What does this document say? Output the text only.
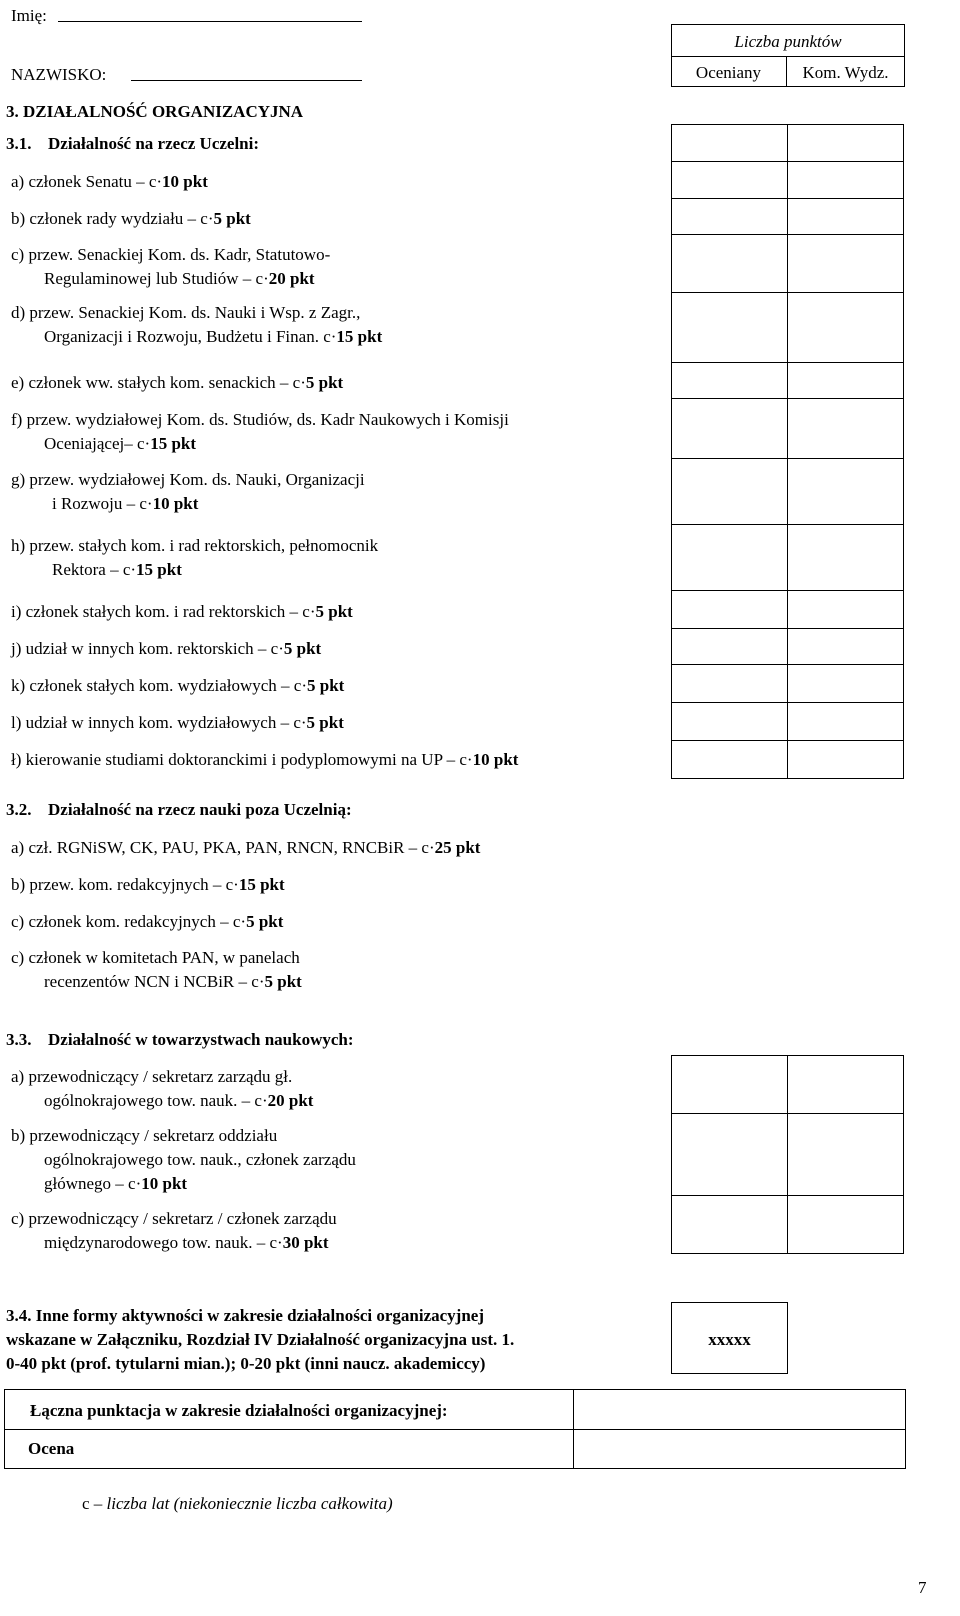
Imię:
NAZWISKO:
Liczba punktów
Oceniany	Kom. Wydz.
3. DZIAŁALNOŚĆ ORGANIZACYJNA
3.1. Działalność na rzecz Uczelni:
a) członek Senatu – c·10 pkt
b) członek rady wydziału – c·5 pkt
c) przew. Senackiej Kom. ds. Kadr, Statutowo-
Regulaminowej lub Studiów – c·20 pkt
d) przew. Senackiej Kom. ds. Nauki i Wsp. z Zagr.,
Organizacji i Rozwoju, Budżetu i Finan. c·15 pkt
e) członek ww. stałych kom. senackich – c·5 pkt
f) przew. wydziałowej Kom. ds. Studiów, ds. Kadr Naukowych i Komisji
Oceniającej– c·15 pkt
g) przew. wydziałowej Kom. ds. Nauki, Organizacji
i Rozwoju – c·10 pkt
h) przew. stałych kom. i rad rektorskich, pełnomocnik
Rektora – c·15 pkt
i) członek stałych kom. i rad rektorskich – c·5 pkt
j) udział w innych kom. rektorskich – c·5 pkt
k) członek stałych kom. wydziałowych – c·5 pkt
l) udział w innych kom. wydziałowych – c·5 pkt
ł) kierowanie studiami doktoranckimi i podyplomowymi na UP – c·10 pkt
3.2. Działalność na rzecz nauki poza Uczelnią:
a) czł. RGNiSW, CK, PAU, PKA, PAN, RNCN, RNCBiR – c·25 pkt
b) przew. kom. redakcyjnych – c·15 pkt
c) członek kom. redakcyjnych – c·5 pkt
c) członek w komitetach PAN, w panelach
recenzentów NCN i NCBiR – c·5 pkt
3.3. Działalność w towarzystwach naukowych:
a) przewodniczący / sekretarz zarządu gł.
ogólnokrajowego tow. nauk. – c·20 pkt
b) przewodniczący / sekretarz oddziału
ogólnokrajowego tow. nauk., członek zarządu
głównego – c·10 pkt
c) przewodniczący / sekretarz / członek zarządu
międzynarodowego tow. nauk. – c·30 pkt
3.4. Inne formy aktywności w zakresie działalności organizacyjnej
wskazane w Załączniku, Rozdział IV Działalność organizacyjna ust. 1.
0-40 pkt (prof. tytularni mian.); 0-20 pkt (inni naucz. akademiccy)
xxxxx
Łączna punktacja w zakresie działalności organizacyjnej:
Ocena
c – liczba lat (niekoniecznie liczba całkowita)
7
